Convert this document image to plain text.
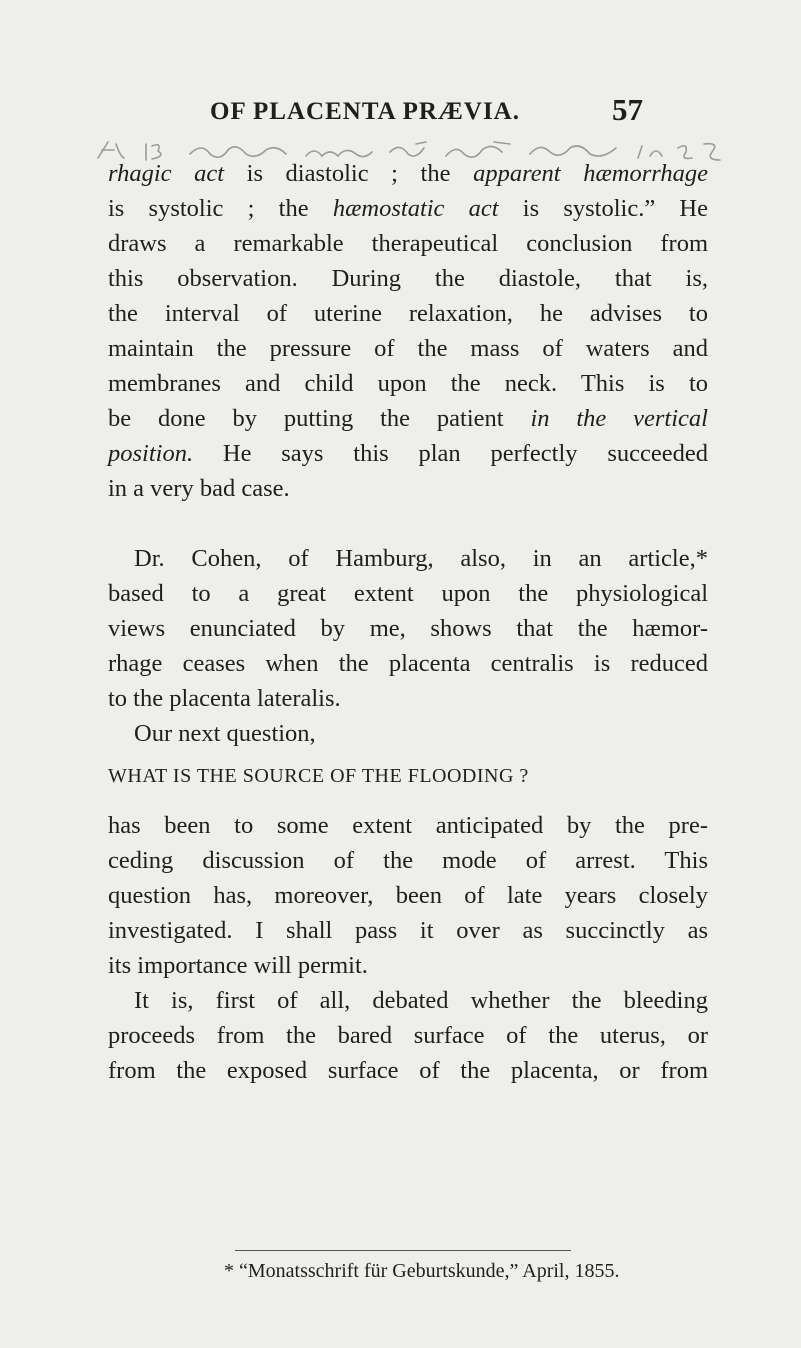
OF PLACENTA PRÆVIA.	57

rhagic act is diastolic ; the apparent hæmorrhage

is systolic ; the hæmostatic act is systolic.” He

draws a remarkable therapeutical conclusion from

this observation. During the diastole, that is,

the interval of uterine relaxation, he advises to

maintain the pressure of the mass of waters and

membranes and child upon the neck. This is to

be done by putting the patient in the vertical

position. He says this plan perfectly succeeded

in a very bad case.

Dr. Cohen, of Hamburg, also, in an article,*

based to a great extent upon the physiological

views enunciated by me, shows that the hæmor-

rhage ceases when the placenta centralis is reduced

to the placenta lateralis.

Our next question,

WHAT IS THE SOURCE OF THE FLOODING ?

has been to some extent anticipated by the pre-

ceding discussion of the mode of arrest. This

question has, moreover, been of late years closely

investigated. I shall pass it over as succinctly as

its importance will permit.

It is, first of all, debated whether the bleeding

proceeds from the bared surface of the uterus, or

from the exposed surface of the placenta, or from

* “Monatsschrift für Geburtskunde,” April, 1855.
